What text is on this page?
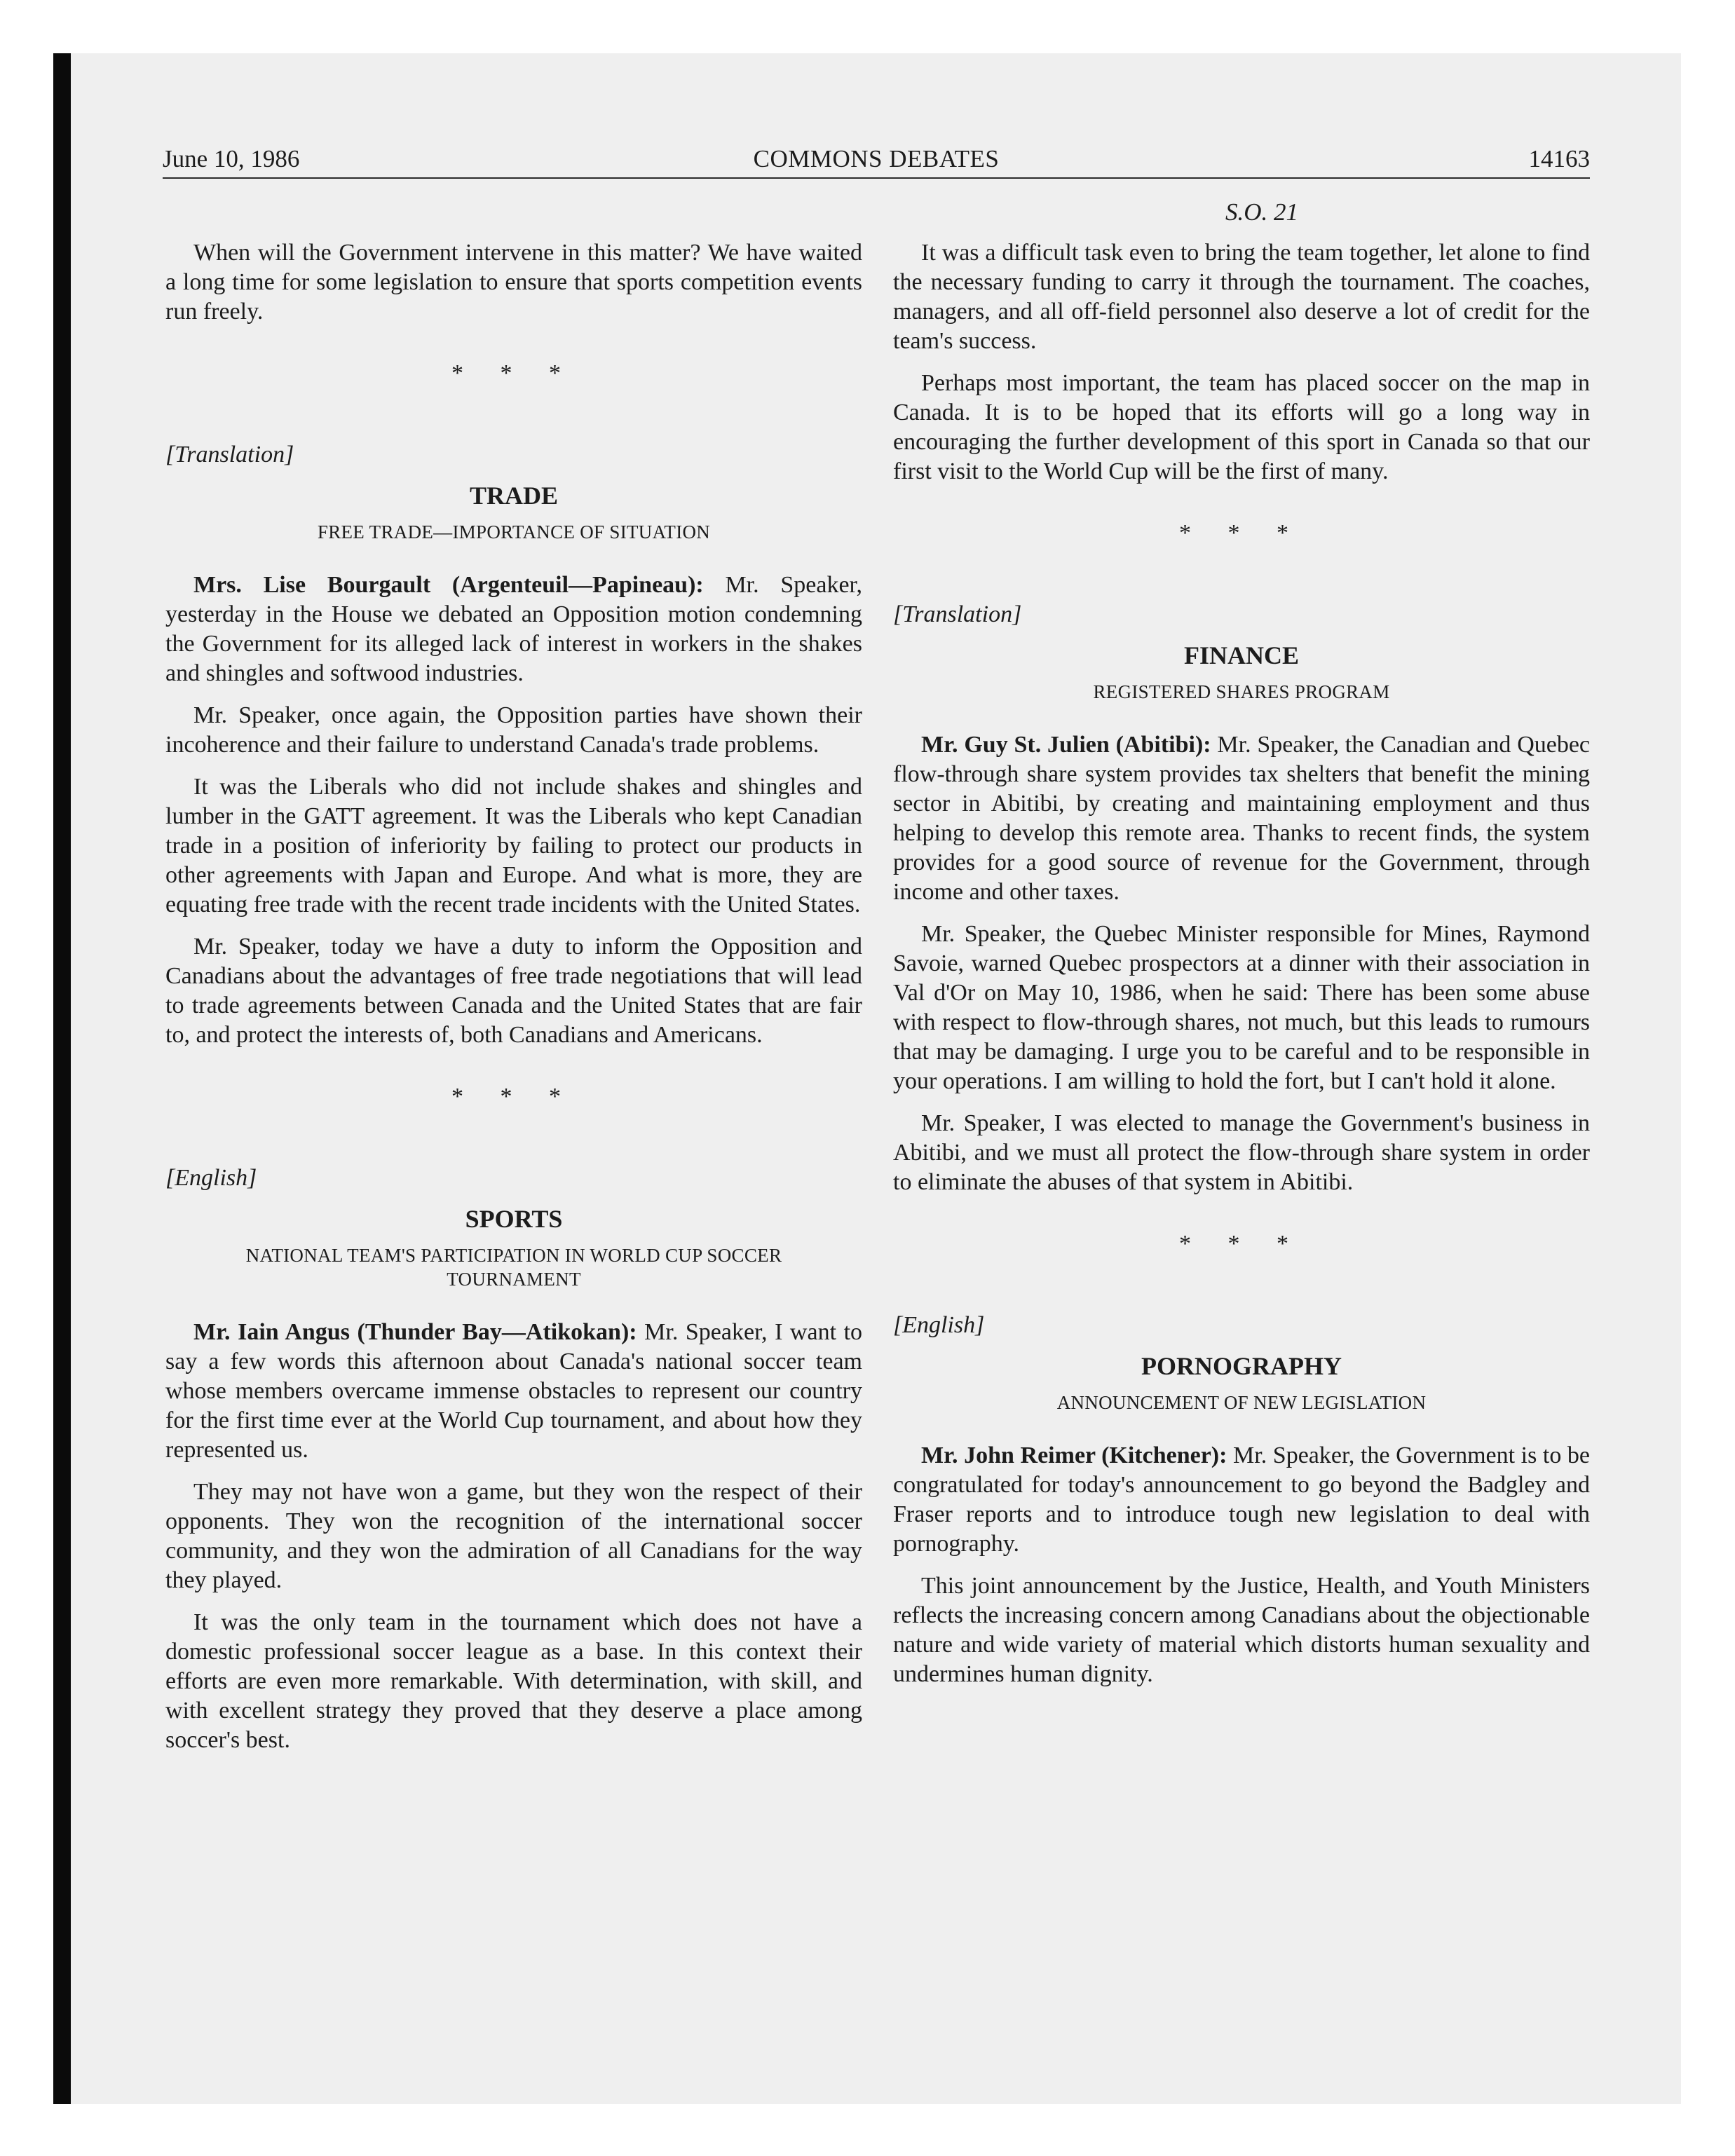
June 10, 1986	COMMONS DEBATES	14163
S.O. 21

When will the Government intervene in this matter? We have waited a long time for some legislation to ensure that sports competition events run freely.

* * *
[Translation]
TRADE
FREE TRADE—IMPORTANCE OF SITUATION

Mrs. Lise Bourgault (Argenteuil—Papineau): Mr. Speaker, yesterday in the House we debated an Opposition motion condemning the Government for its alleged lack of interest in workers in the shakes and shingles and softwood industries.

Mr. Speaker, once again, the Opposition parties have shown their incoherence and their failure to understand Canada's trade problems.

It was the Liberals who did not include shakes and shingles and lumber in the GATT agreement. It was the Liberals who kept Canadian trade in a position of inferiority by failing to protect our products in other agreements with Japan and Europe. And what is more, they are equating free trade with the recent trade incidents with the United States.

Mr. Speaker, today we have a duty to inform the Opposition and Canadians about the advantages of free trade negotiations that will lead to trade agreements between Canada and the United States that are fair to, and protect the interests of, both Canadians and Americans.

* * *
[English]
SPORTS
NATIONAL TEAM'S PARTICIPATION IN WORLD CUP SOCCER TOURNAMENT

Mr. Iain Angus (Thunder Bay—Atikokan): Mr. Speaker, I want to say a few words this afternoon about Canada's national soccer team whose members overcame immense obstacles to represent our country for the first time ever at the World Cup tournament, and about how they represented us.

They may not have won a game, but they won the respect of their opponents. They won the recognition of the international soccer community, and they won the admiration of all Canadians for the way they played.

It was the only team in the tournament which does not have a domestic professional soccer league as a base. In this context their efforts are even more remarkable. With determination, with skill, and with excellent strategy they proved that they deserve a place among soccer's best.

It was a difficult task even to bring the team together, let alone to find the necessary funding to carry it through the tournament. The coaches, managers, and all off-field personnel also deserve a lot of credit for the team's success.

Perhaps most important, the team has placed soccer on the map in Canada. It is to be hoped that its efforts will go a long way in encouraging the further development of this sport in Canada so that our first visit to the World Cup will be the first of many.

* * *
[Translation]
FINANCE
REGISTERED SHARES PROGRAM

Mr. Guy St. Julien (Abitibi): Mr. Speaker, the Canadian and Quebec flow-through share system provides tax shelters that benefit the mining sector in Abitibi, by creating and maintaining employment and thus helping to develop this remote area. Thanks to recent finds, the system provides for a good source of revenue for the Government, through income and other taxes.

Mr. Speaker, the Quebec Minister responsible for Mines, Raymond Savoie, warned Quebec prospectors at a dinner with their association in Val d'Or on May 10, 1986, when he said: There has been some abuse with respect to flow-through shares, not much, but this leads to rumours that may be damaging. I urge you to be careful and to be responsible in your operations. I am willing to hold the fort, but I can't hold it alone.

Mr. Speaker, I was elected to manage the Government's business in Abitibi, and we must all protect the flow-through share system in order to eliminate the abuses of that system in Abitibi.

* * *
[English]
PORNOGRAPHY
ANNOUNCEMENT OF NEW LEGISLATION

Mr. John Reimer (Kitchener): Mr. Speaker, the Government is to be congratulated for today's announcement to go beyond the Badgley and Fraser reports and to introduce tough new legislation to deal with pornography.

This joint announcement by the Justice, Health, and Youth Ministers reflects the increasing concern among Canadians about the objectionable nature and wide variety of material which distorts human sexuality and undermines human dignity.
